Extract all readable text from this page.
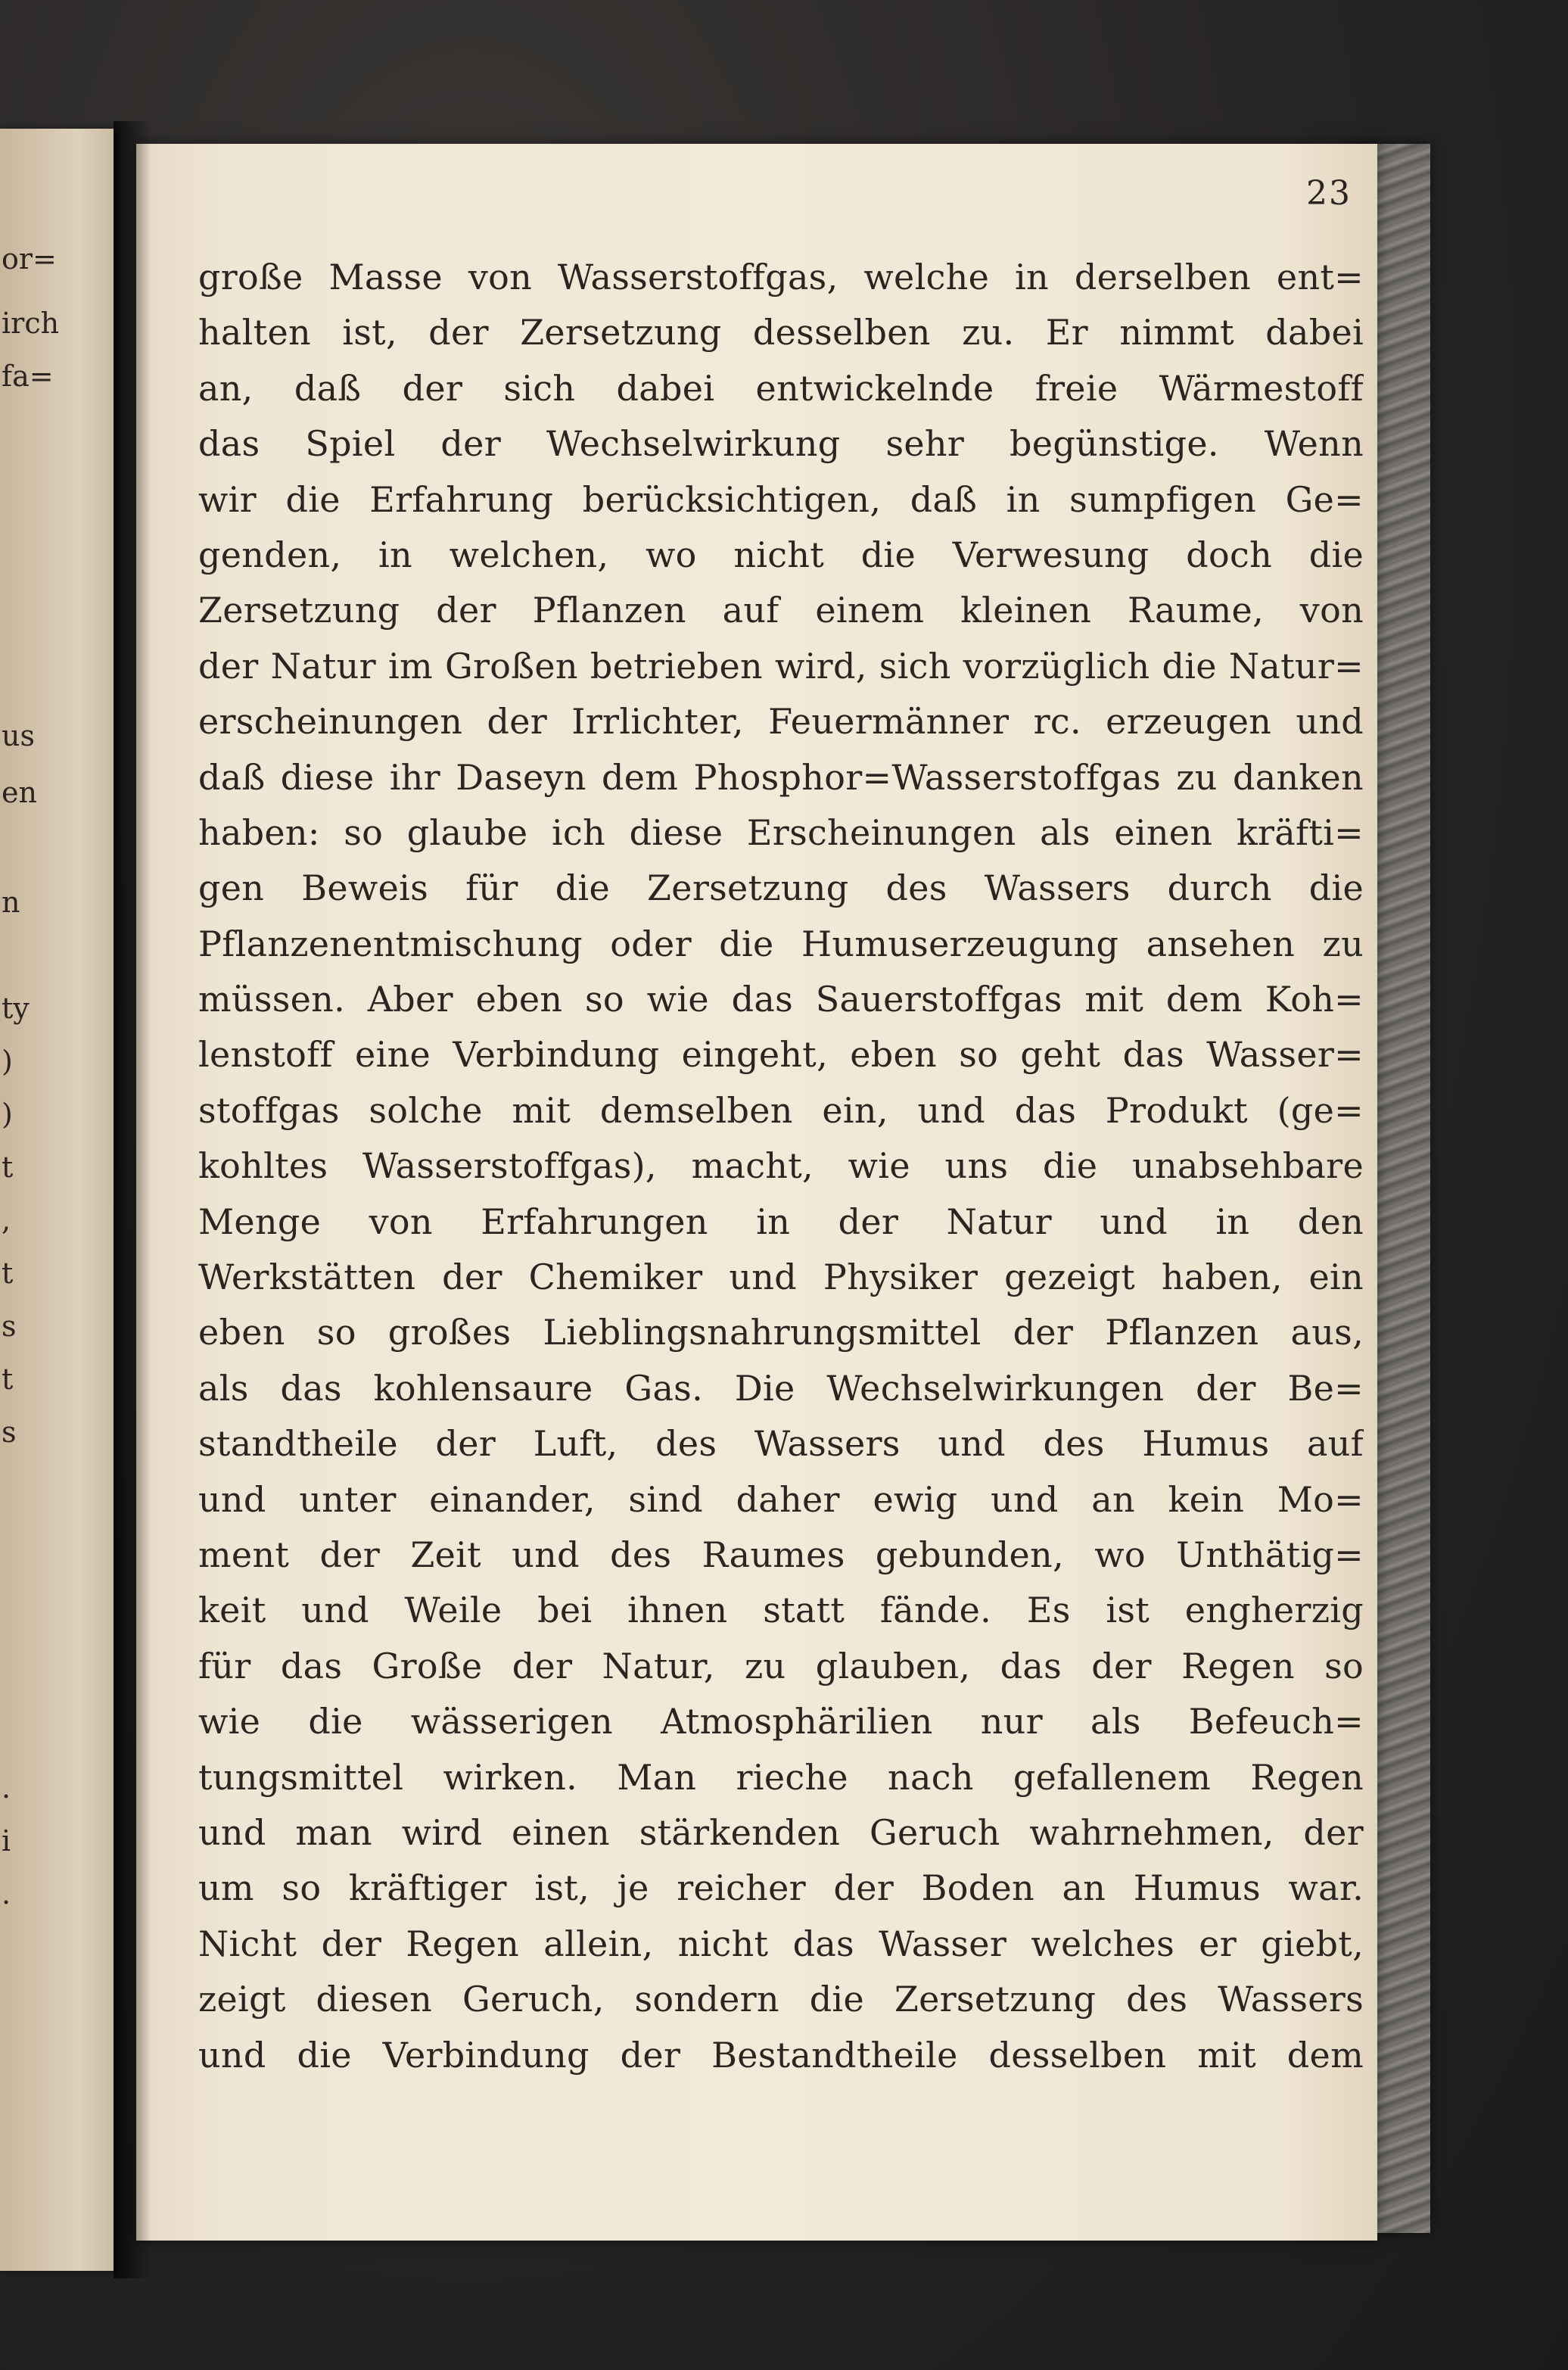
or=
irch
fa=
us
en
n
ty
)
)
t
,
t
s
t
s
.
i
.
23
große Masse von Wasserstoffgas, welche in derselben ent=
halten ist, der Zersetzung desselben zu. Er nimmt dabei
an, daß der sich dabei entwickelnde freie Wärmestoff
das Spiel der Wechselwirkung sehr begünstige. Wenn
wir die Erfahrung berücksichtigen, daß in sumpfigen Ge=
genden, in welchen, wo nicht die Verwesung doch die
Zersetzung der Pflanzen auf einem kleinen Raume, von
der Natur im Großen betrieben wird, sich vorzüglich die Natur=
erscheinungen der Irrlichter, Feuermänner rc. erzeugen und
daß diese ihr Daseyn dem Phosphor=Wasserstoffgas zu danken
haben: so glaube ich diese Erscheinungen als einen kräfti=
gen Beweis für die Zersetzung des Wassers durch die
Pflanzenentmischung oder die Humuserzeugung ansehen zu
müssen. Aber eben so wie das Sauerstoffgas mit dem Koh=
lenstoff eine Verbindung eingeht, eben so geht das Wasser=
stoffgas solche mit demselben ein, und das Produkt (ge=
kohltes Wasserstoffgas), macht, wie uns die unabsehbare
Menge von Erfahrungen in der Natur und in den
Werkstätten der Chemiker und Physiker gezeigt haben, ein
eben so großes Lieblingsnahrungsmittel der Pflanzen aus,
als das kohlensaure Gas. Die Wechselwirkungen der Be=
standtheile der Luft, des Wassers und des Humus auf
und unter einander, sind daher ewig und an kein Mo=
ment der Zeit und des Raumes gebunden, wo Unthätig=
keit und Weile bei ihnen statt fände. Es ist engherzig
für das Große der Natur, zu glauben, das der Regen so
wie die wässerigen Atmosphärilien nur als Befeuch=
tungsmittel wirken. Man rieche nach gefallenem Regen
und man wird einen stärkenden Geruch wahrnehmen, der
um so kräftiger ist, je reicher der Boden an Humus war.
Nicht der Regen allein, nicht das Wasser welches er giebt,
zeigt diesen Geruch, sondern die Zersetzung des Wassers
und die Verbindung der Bestandtheile desselben mit dem
